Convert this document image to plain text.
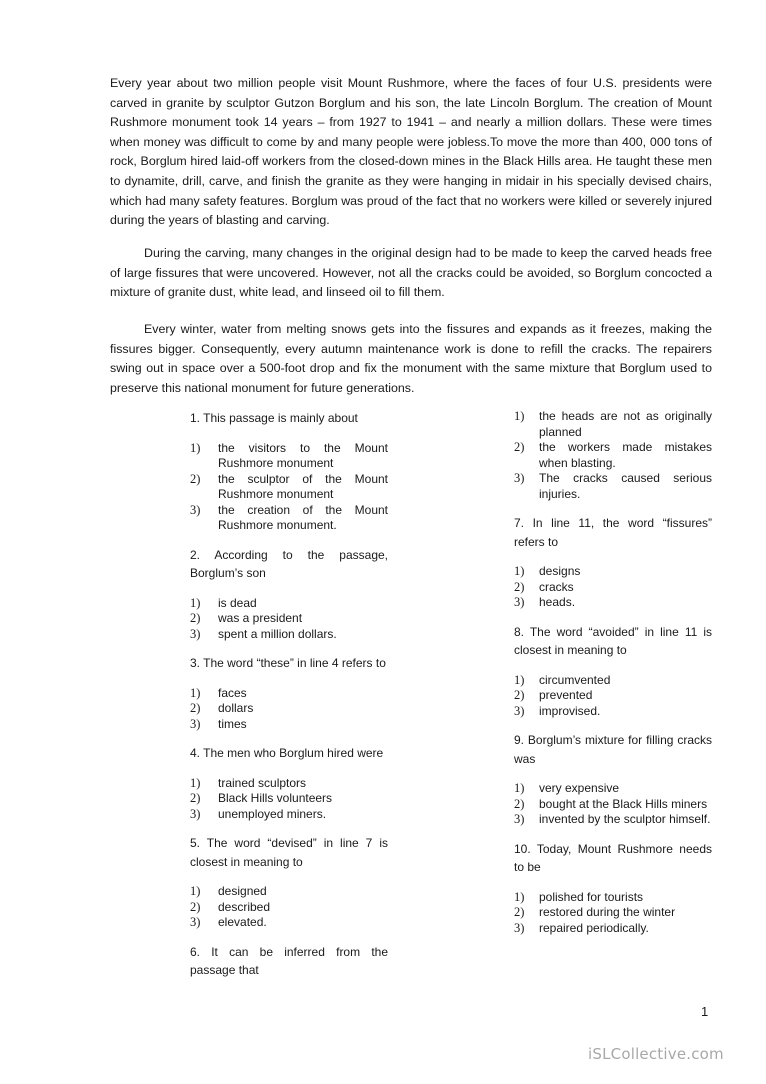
Every year about two million people visit Mount Rushmore, where the faces of four U.S. presidents were carved in granite by sculptor Gutzon Borglum and his son, the late Lincoln Borglum. The creation of Mount Rushmore monument took 14 years – from 1927 to 1941 – and nearly a million dollars. These were times when money was difficult to come by and many people were jobless.To move the more than 400, 000 tons of rock, Borglum hired laid-off workers from the closed-down mines in the Black Hills area. He taught these men to dynamite, drill, carve, and finish the granite as they were hanging in midair in his specially devised chairs, which had many safety features. Borglum was proud of the fact that no workers were killed or severely injured during the years of blasting and carving.

During the carving, many changes in the original design had to be made to keep the carved heads free of large fissures that were uncovered. However, not all the cracks could be avoided, so Borglum concocted a mixture of granite dust, white lead, and linseed oil to fill them.

Every winter, water from melting snows gets into the fissures and expands as it freezes, making the fissures bigger. Consequently, every autumn maintenance work is done to refill the cracks. The repairers swing out in space over a 500-foot drop and fix the monument with the same mixture that Borglum used to preserve this national monument for future generations.

1. This passage is mainly about

1)	the visitors to the Mount Rushmore monument
2)	the sculptor of the Mount Rushmore monument
3)	the creation of the Mount Rushmore monument.

2. According to the passage, Borglum’s son

1)	is dead
2)	was a president
3)	spent a million dollars.

3. The word “these” in line 4 refers to

1)	faces
2)	dollars
3)	times

4. The men who Borglum hired were

1)	trained sculptors
2)	Black Hills volunteers
3)	unemployed miners.

5. The word “devised” in line 7 is closest in meaning to

1)	designed
2)	described
3)	elevated.

6. It can be inferred from the passage that

1)	the heads are not as originally planned
2)	the workers made mistakes when blasting.
3)	The cracks caused serious injuries.

7. In line 11, the word “fissures” refers to

1)	designs
2)	cracks
3)	heads.

8. The word “avoided” in line 11 is closest in meaning to

1)	circumvented
2)	prevented
3)	improvised.

9. Borglum’s mixture for filling cracks was

1)	very expensive
2)	bought at the Black Hills miners
3)	invented by the sculptor himself.

10. Today, Mount Rushmore needs to be

1)	polished for tourists
2)	restored during the winter
3)	repaired periodically.
1
iSLCollective.com
